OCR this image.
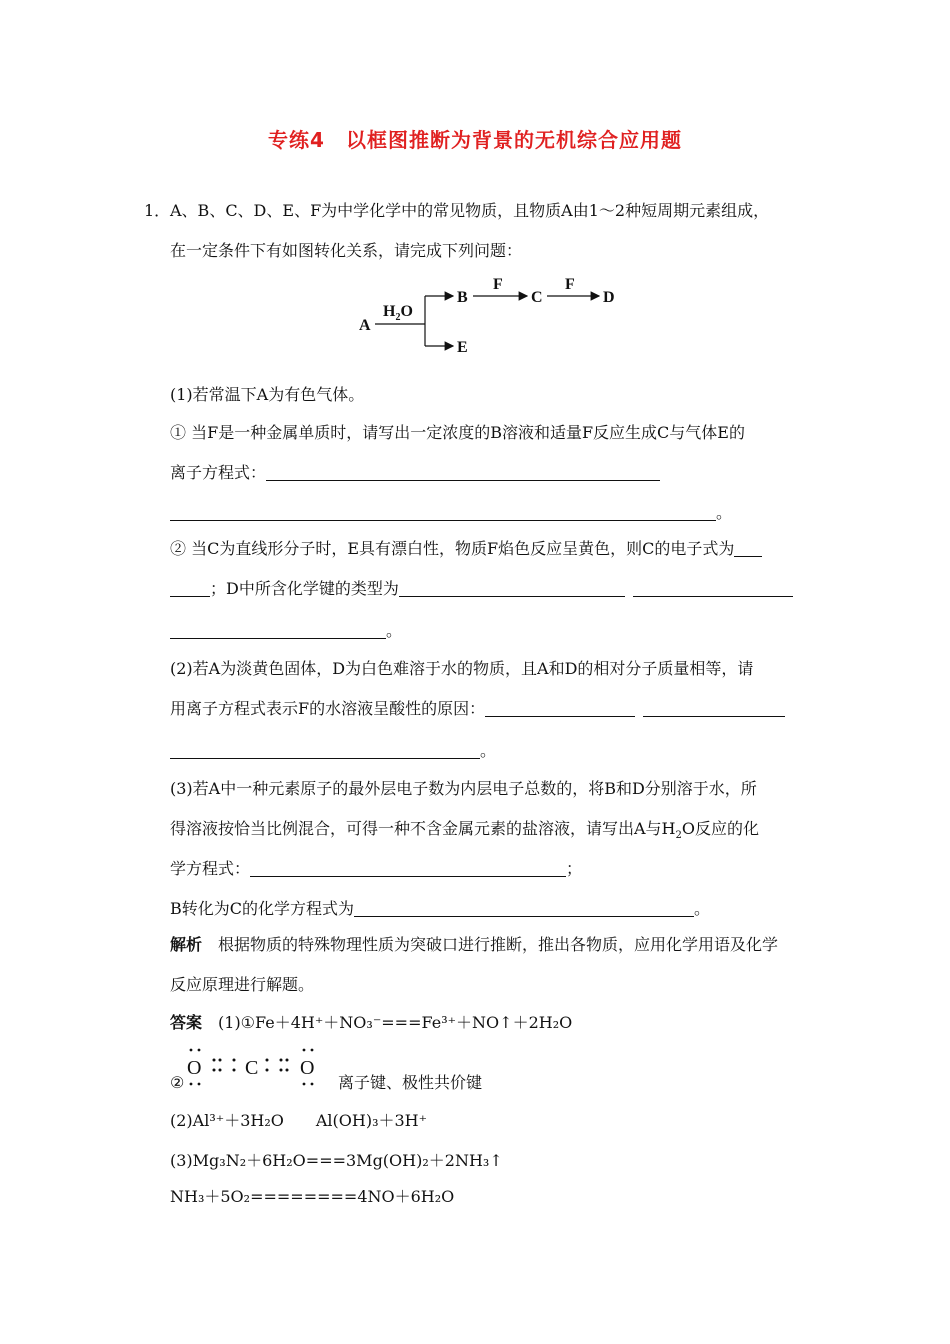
专练4　以框图推断为背景的无机综合应用题
1． A、B、C、D、E、F为中学化学中的常见物质，且物质A由1～2种短周期元素组成，
在一定条件下有如图转化关系，请完成下列问题：
A
$H_2O$
B
F
C
F
D
E
(1)若常温下A为有色气体。
① 当F是一种金属单质时，请写出一定浓度的B溶液和适量F反应生成C与气体E的
离子方程式：
。
② 当C为直线形分子时，E具有漂白性，物质F焰色反应呈黄色，则C的电子式为
；D中所含化学键的类型为 
。
(2)若A为淡黄色固体，D为白色难溶于水的物质，且A和D的相对分子质量相等，请
用离子方程式表示F的水溶液呈酸性的原因： 
。
(3)若A中一种元素原子的最外层电子数为内层电子总数的，将B和D分别溶于水，所
得溶液按恰当比例混合，可得一种不含金属元素的盐溶液，请写出A与$H_2O$反应的化
学方程式：	；
B转化为C的化学方程式为	。
解析  根据物质的特殊物理性质为突破口进行推断，推出各物质，应用化学用语及化学
反应原理进行解题。
答案  (1)①Fe＋4H⁺＋NO₃⁻===Fe³⁺＋NO↑＋2H₂O
O C O
②	离子键、极性共价键
(2)Al³⁺＋3H₂O　　Al(OH)₃＋3H⁺
(3)Mg₃N₂＋6H₂O===3Mg(OH)₂＋2NH₃↑
NH₃＋5O₂========4NO＋6H₂O
